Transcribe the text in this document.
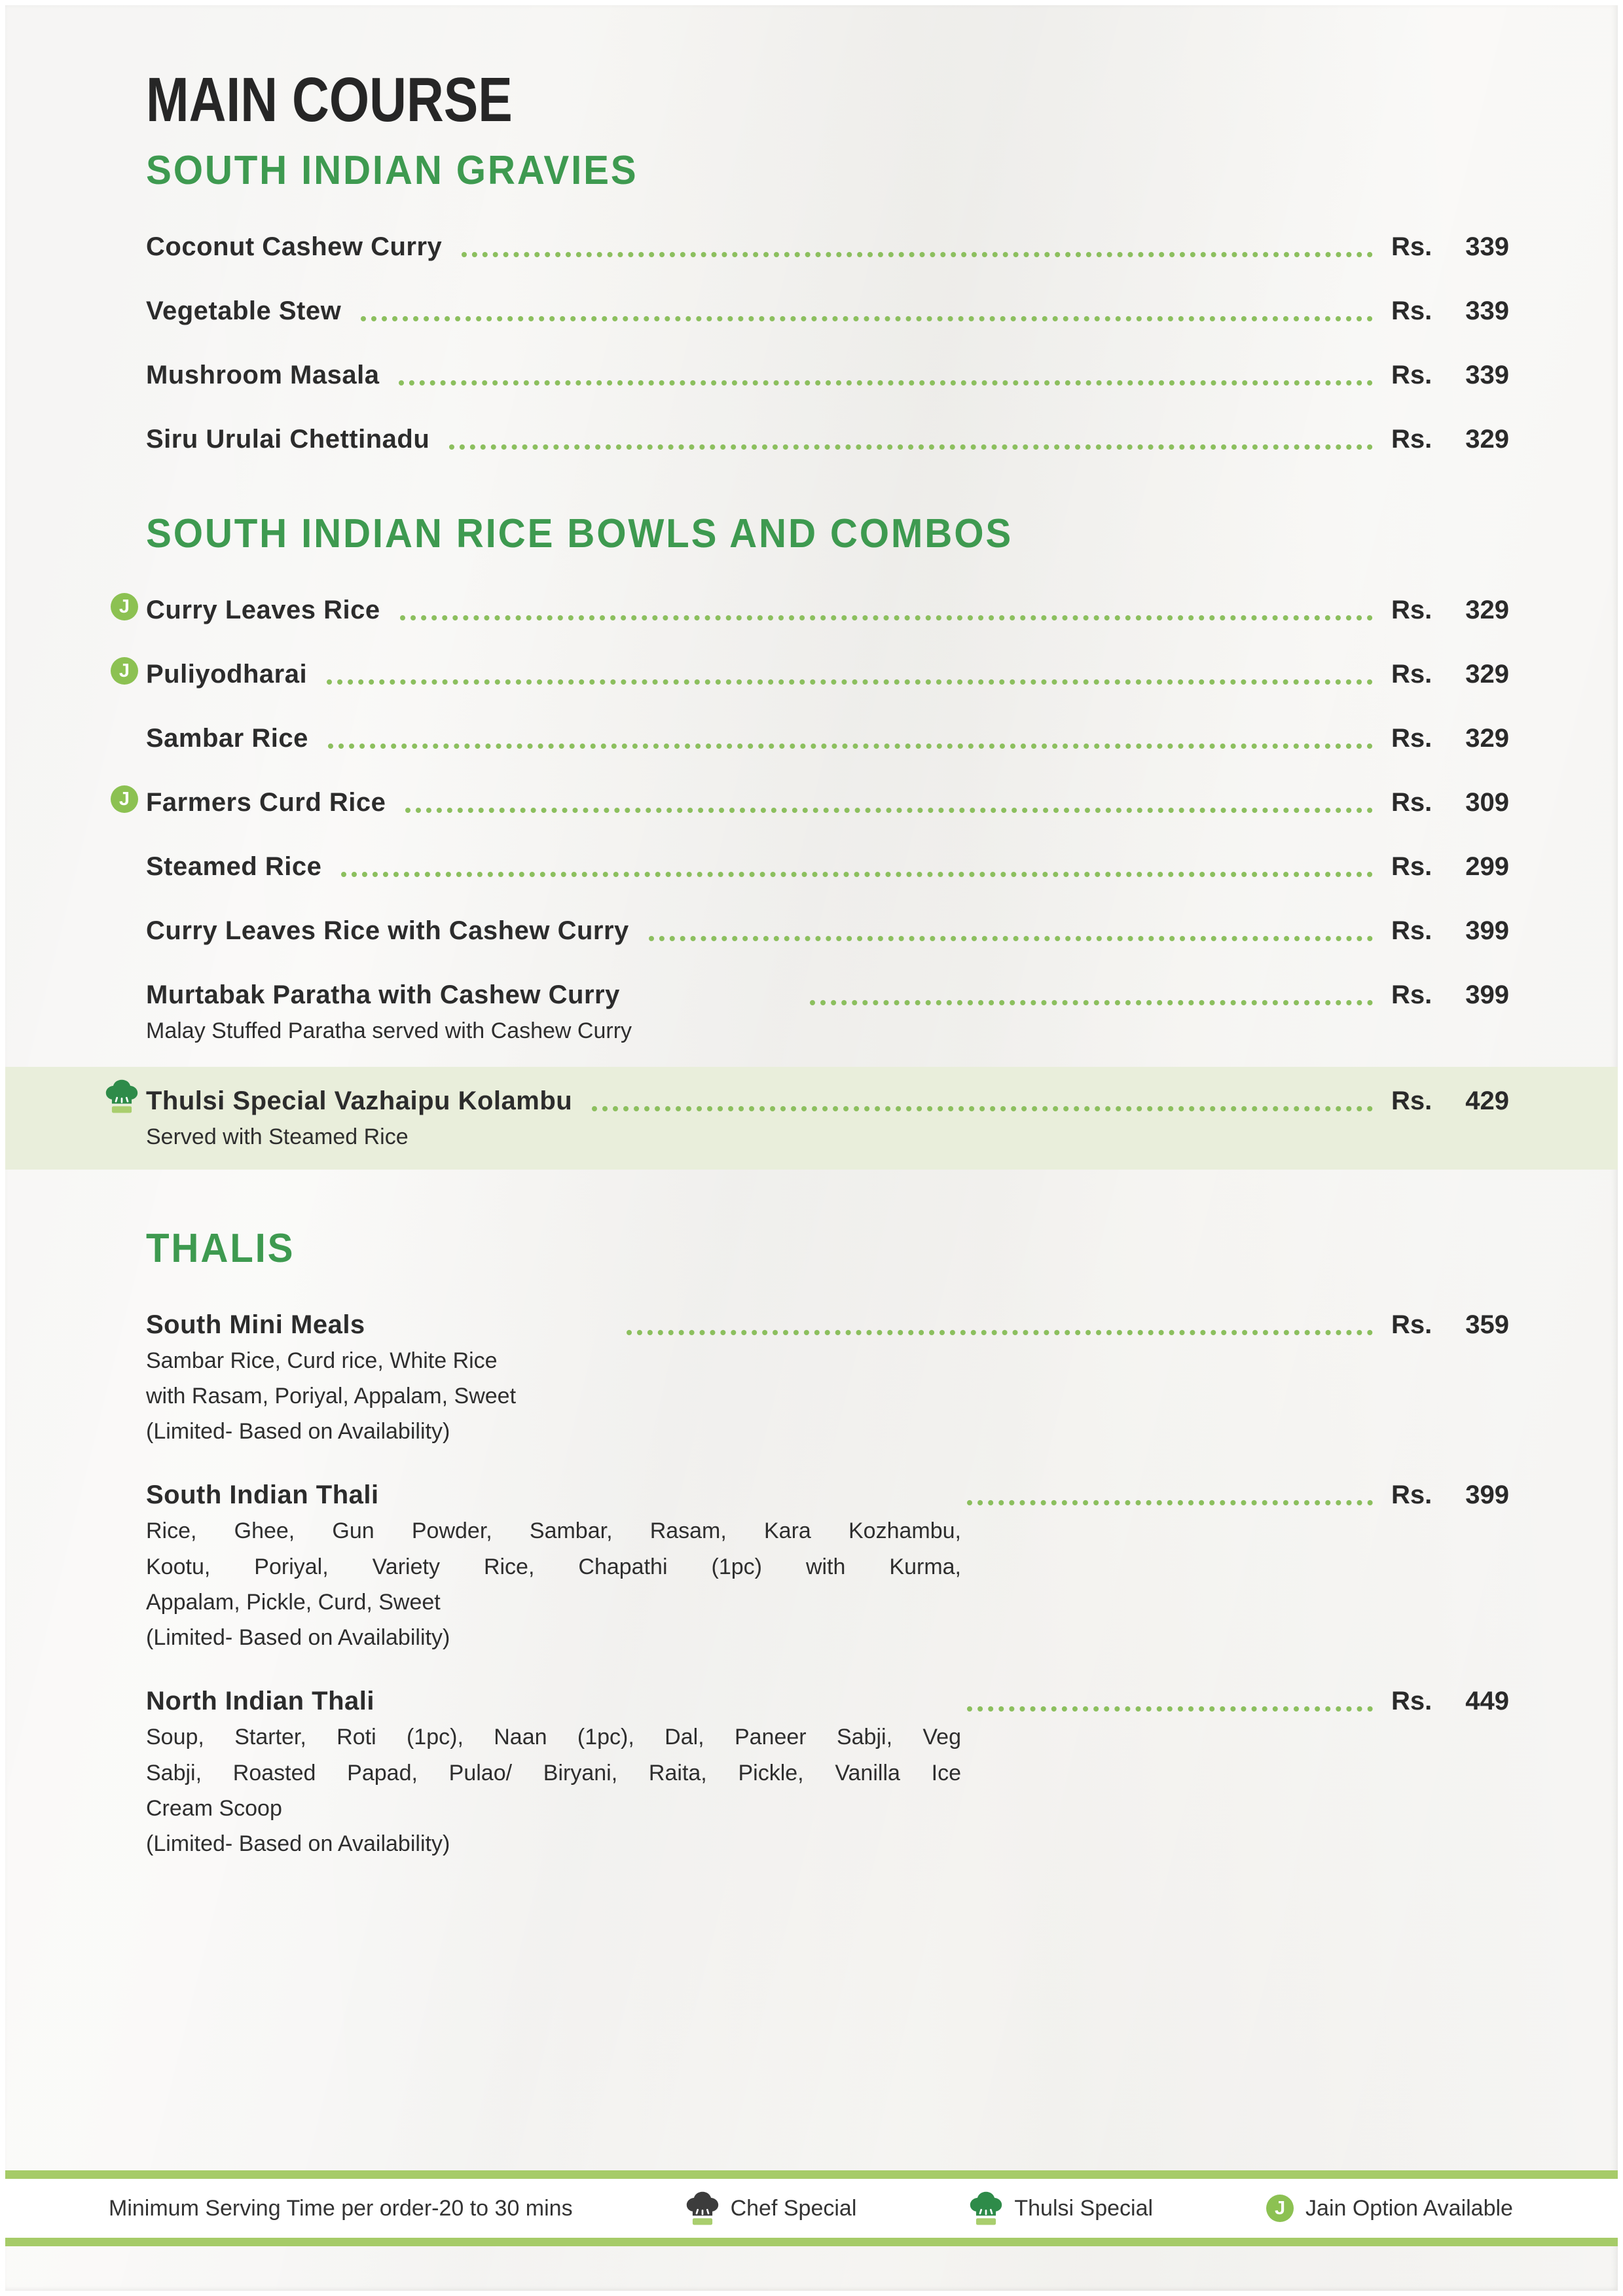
MAIN COURSE
SOUTH INDIAN GRAVIES
Coconut Cashew Curry	Rs. 339
Vegetable Stew	Rs. 339
Mushroom Masala	Rs. 339
Siru Urulai Chettinadu	Rs. 329
SOUTH INDIAN RICE BOWLS AND COMBOS
J Curry Leaves Rice	Rs. 329
J Puliyodharai	Rs. 329
Sambar Rice	Rs. 329
J Farmers Curd Rice	Rs. 309
Steamed Rice	Rs. 299
Curry Leaves Rice with Cashew Curry	Rs. 399
Murtabak Paratha with Cashew Curry	Rs. 399
Malay Stuffed Paratha served with Cashew Curry
Thulsi Special Vazhaipu Kolambu	Rs. 429
Served with Steamed Rice
THALIS
South Mini Meals	Rs. 359
Sambar Rice, Curd rice, White Rice
with Rasam, Poriyal, Appalam, Sweet
(Limited- Based on Availability)
South Indian Thali	Rs. 399
Rice, Ghee, Gun Powder, Sambar, Rasam, Kara Kozhambu,
Kootu, Poriyal, Variety Rice, Chapathi (1pc) with Kurma,
Appalam, Pickle, Curd, Sweet
(Limited- Based on Availability)
North Indian Thali	Rs. 449
Soup, Starter, Roti (1pc), Naan (1pc), Dal, Paneer Sabji, Veg
Sabji, Roasted Papad, Pulao/ Biryani, Raita, Pickle, Vanilla Ice
Cream Scoop
(Limited- Based on Availability)
Minimum Serving Time per order-20 to 30 mins	Chef Special	Thulsi Special	J Jain Option Available
